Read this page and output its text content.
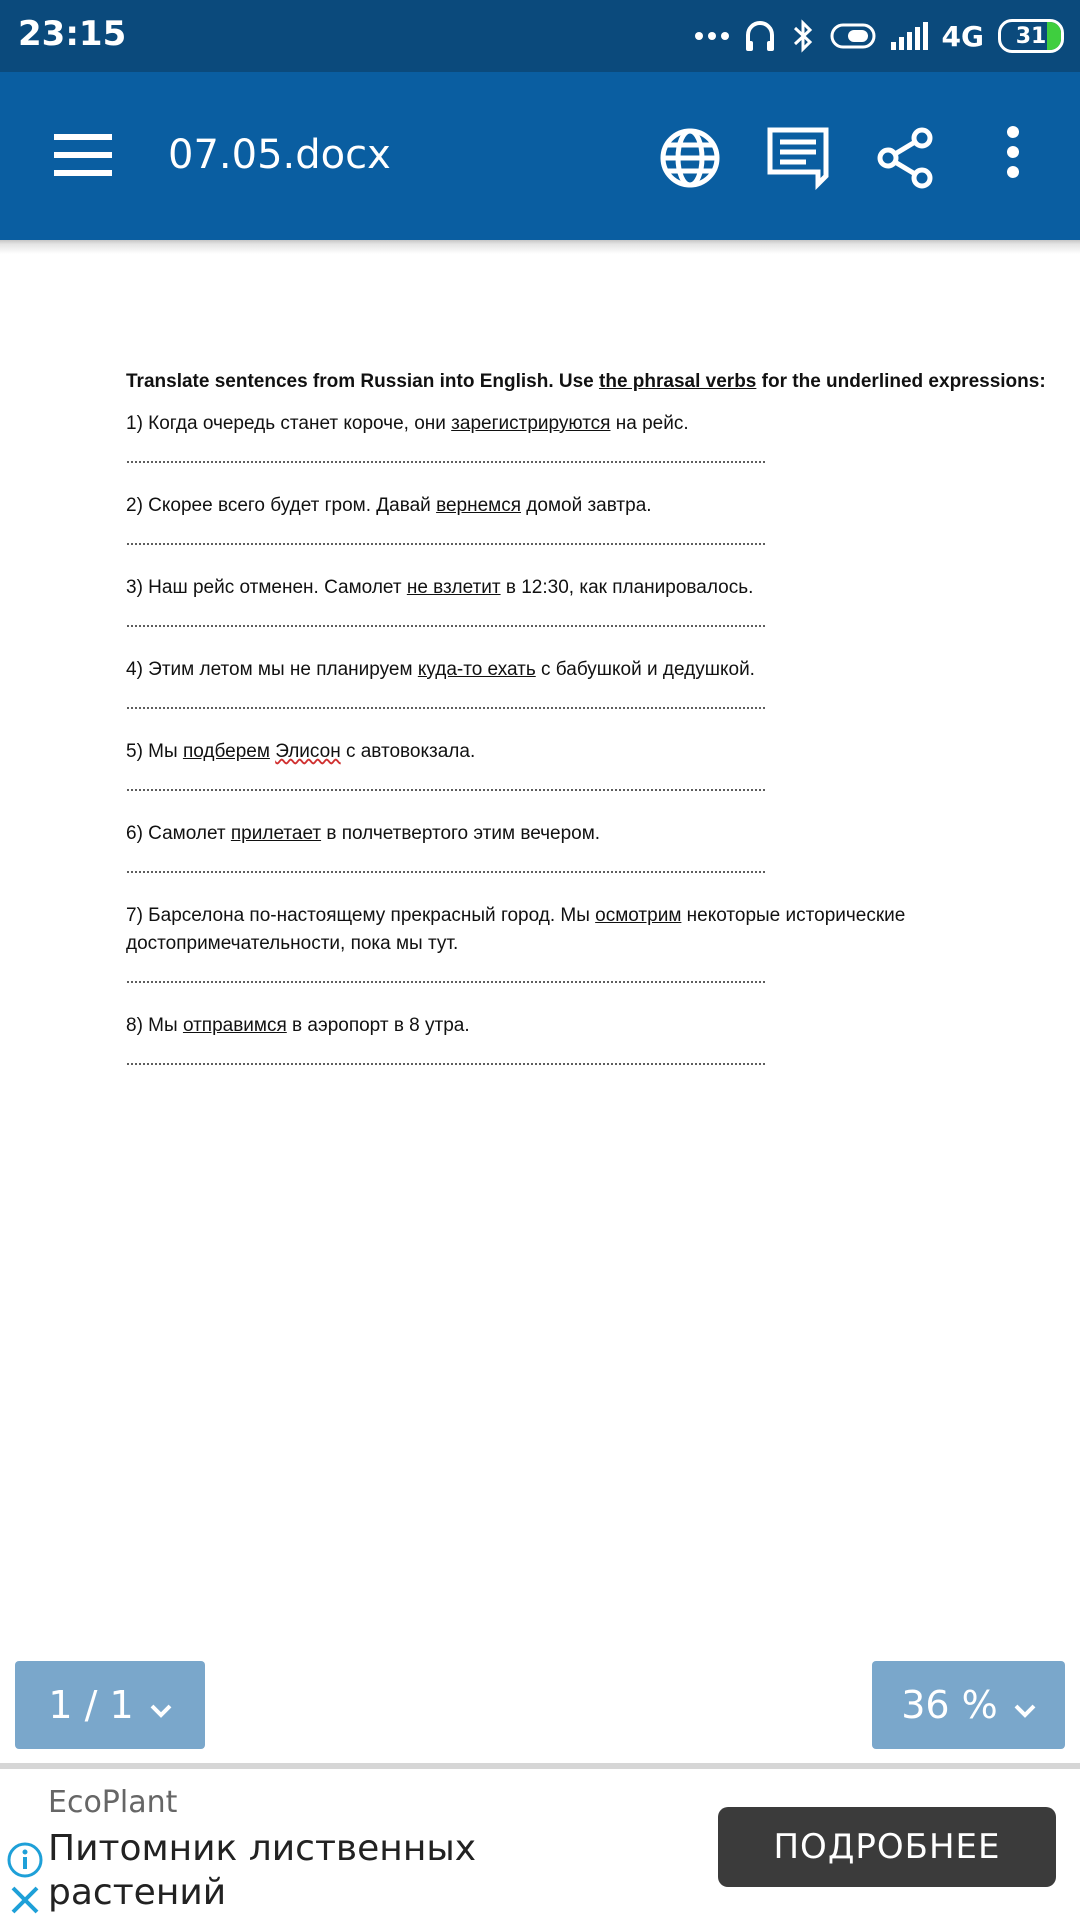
23:15	4G 31
07.05.docx

Translate sentences from Russian into English. Use the phrasal verbs for the underlined expressions:

1) Когда очередь станет короче, они зарегистрируются на рейс.

2) Скорее всего будет гром. Давай вернемся домой завтра.

3) Наш рейс отменен. Самолет не взлетит в 12:30, как планировалось.

4) Этим летом мы не планируем куда-то ехать с бабушкой и дедушкой.

5) Мы подберем Элисон с автовокзала.

6) Самолет прилетает в полчетвертого этим вечером.

7) Барселона по-настоящему прекрасный город. Мы осмотрим некоторые исторические достопримечательности, пока мы тут.

8) Мы отправимся в аэропорт в 8 утра.

1 / 1	36 %
EcoPlant
Питомник лиственных растений
ПОДРОБНЕЕ
